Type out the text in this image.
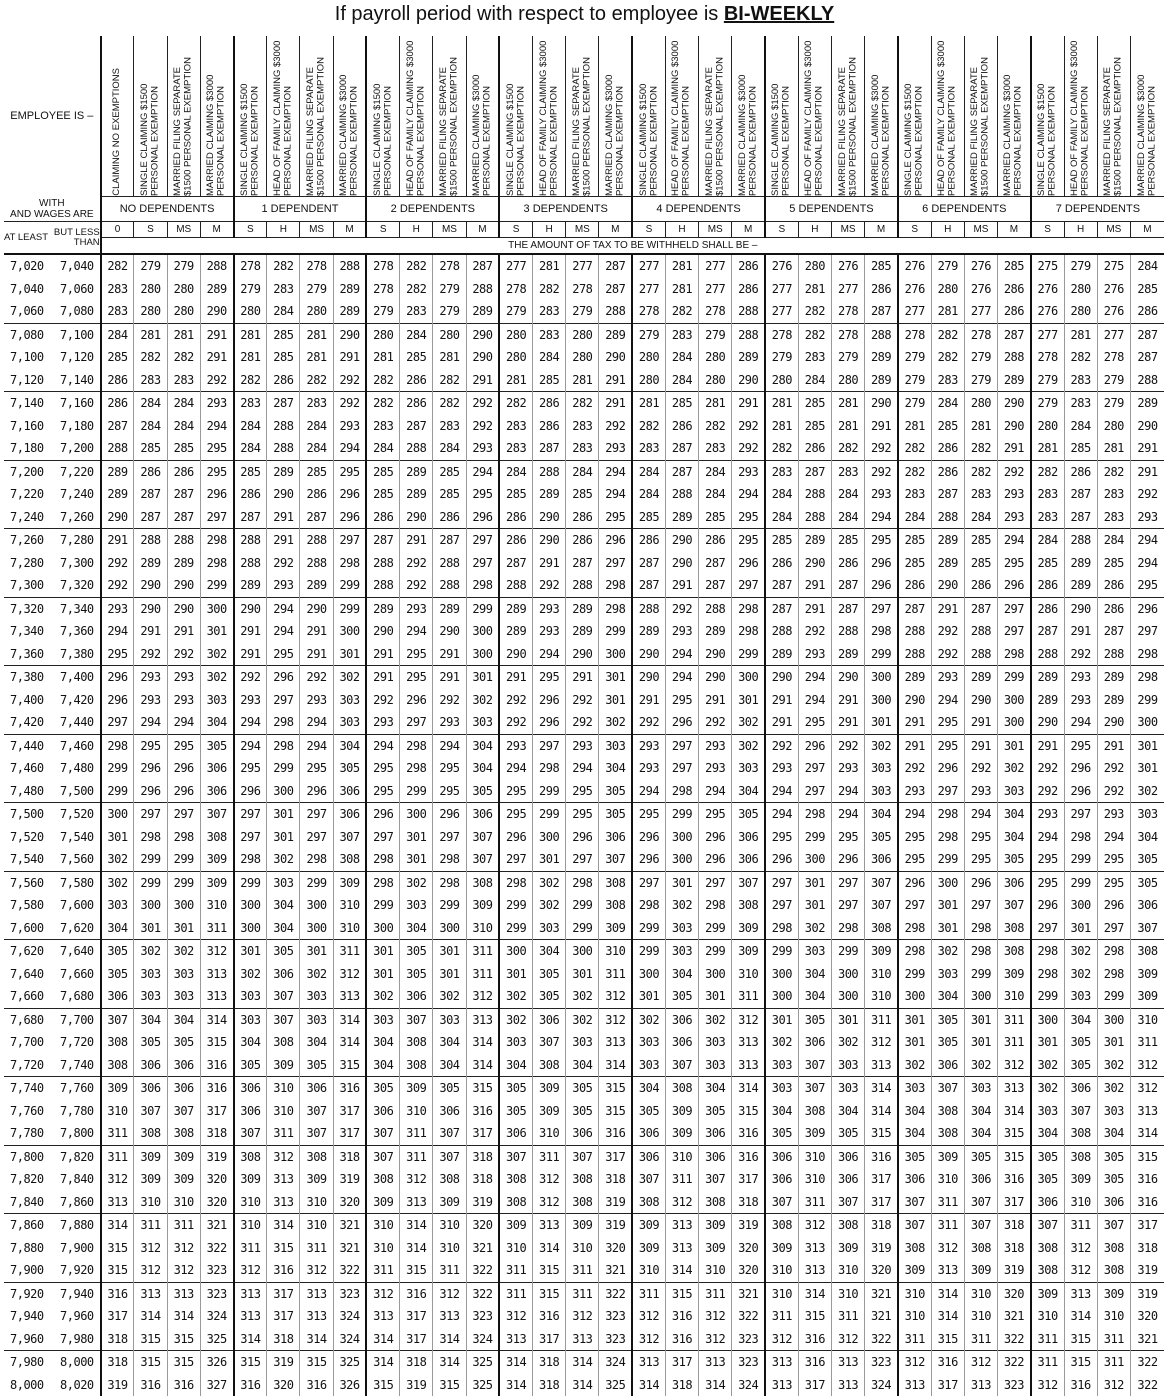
If payroll period with respect to employee is BI-WEEKLY
EMPLOYEE IS –		CLAIMING NO EXEMPTIONS	SINGLE CLAIMING $1500 PERSONAL EXEMPTION	MARRIED FILING SEPARATE $1500 PERSONAL EXEMPTION	MARRIED CLAIMING $3000 PERSONAL EXEMPTION	SINGLE CLAIMING $1500 PERSONAL EXEMPTION	HEAD OF FAMILY CLAIMING $3000 PERSONAL EXEMPTION	MARRIED FILING SEPARATE $1500 PERSONAL EXEMPTION	MARRIED CLAIMING $3000 PERSONAL EXEMPTION	SINGLE CLAIMING $1500 PERSONAL EXEMPTION	HEAD OF FAMILY CLAIMING $3000 PERSONAL EXEMPTION	MARRIED FILING SEPARATE $1500 PERSONAL EXEMPTION	MARRIED CLAIMING $3000 PERSONAL EXEMPTION	SINGLE CLAIMING $1500 PERSONAL EXEMPTION	HEAD OF FAMILY CLAIMING $3000 PERSONAL EXEMPTION	MARRIED FILING SEPARATE $1500 PERSONAL EXEMPTION	MARRIED CLAIMING $3000 PERSONAL EXEMPTION	SINGLE CLAIMING $1500 PERSONAL EXEMPTION	HEAD OF FAMILY CLAIMING $3000 PERSONAL EXEMPTION	MARRIED FILING SEPARATE $1500 PERSONAL EXEMPTION	MARRIED CLAIMING $3000 PERSONAL EXEMPTION	SINGLE CLAIMING $1500 PERSONAL EXEMPTION	HEAD OF FAMILY CLAIMING $3000 PERSONAL EXEMPTION	MARRIED FILING SEPARATE $1500 PERSONAL EXEMPTION	MARRIED CLAIMING $3000 PERSONAL EXEMPTION	SINGLE CLAIMING $1500 PERSONAL EXEMPTION	HEAD OF FAMILY CLAIMING $3000 PERSONAL EXEMPTION	MARRIED FILING SEPARATE $1500 PERSONAL EXEMPTION	MARRIED CLAIMING $3000 PERSONAL EXEMPTION	SINGLE CLAIMING $1500 PERSONAL EXEMPTION	HEAD OF FAMILY CLAIMING $3000 PERSONAL EXEMPTION	MARRIED FILING SEPARATE $1500 PERSONAL EXEMPTION	MARRIED CLAIMING $3000 PERSONAL EXEMPTION

WITH
AND WAGES ARE		NO DEPENDENTS				1 DEPENDENT				2 DEPENDENTS				3 DEPENDENTS				4 DEPENDENTS				5 DEPENDENTS				6 DEPENDENTS				7 DEPENDENTS			
AT LEAST	BUT LESS THAN	0	S	MS	M	S	H	MS	M	S	H	MS	M	S	H	MS	M	S	H	MS	M	S	H	MS	M	S	H	MS	M	S	H	MS	M
		THE AMOUNT OF TAX TO BE WITHHELD SHALL BE –																															
7,020	7,040	282	279	279	288	278	282	278	288	278	282	278	287	277	281	277	287	277	281	277	286	276	280	276	285	276	279	276	285	275	279	275	284
7,040	7,060	283	280	280	289	279	283	279	289	278	282	279	288	278	282	278	287	277	281	277	286	277	281	277	286	276	280	276	286	276	280	276	285
7,060	7,080	283	280	280	290	280	284	280	289	279	283	279	289	279	283	279	288	278	282	278	288	277	282	278	287	277	281	277	286	276	280	276	286
7,080	7,100	284	281	281	291	281	285	281	290	280	284	280	290	280	283	280	289	279	283	279	288	278	282	278	288	278	282	278	287	277	281	277	287
7,100	7,120	285	282	282	291	281	285	281	291	281	285	281	290	280	284	280	290	280	284	280	289	279	283	279	289	279	282	279	288	278	282	278	287
7,120	7,140	286	283	283	292	282	286	282	292	282	286	282	291	281	285	281	291	280	284	280	290	280	284	280	289	279	283	279	289	279	283	279	288
7,140	7,160	286	284	284	293	283	287	283	292	282	286	282	292	282	286	282	291	281	285	281	291	281	285	281	290	279	284	280	290	279	283	279	289
7,160	7,180	287	284	284	294	284	288	284	293	283	287	283	292	283	286	283	292	282	286	282	292	281	285	281	291	281	285	281	290	280	284	280	290
7,180	7,200	288	285	285	295	284	288	284	294	284	288	284	293	283	287	283	293	283	287	283	292	282	286	282	292	282	286	282	291	281	285	281	291
7,200	7,220	289	286	286	295	285	289	285	295	285	289	285	294	284	288	284	294	284	287	284	293	283	287	283	292	282	286	282	292	282	286	282	291
7,220	7,240	289	287	287	296	286	290	286	296	285	289	285	295	285	289	285	294	284	288	284	294	284	288	284	293	283	287	283	293	283	287	283	292
7,240	7,260	290	287	287	297	287	291	287	296	286	290	286	296	286	290	286	295	285	289	285	295	284	288	284	294	284	288	284	293	283	287	283	293
7,260	7,280	291	288	288	298	288	291	288	297	287	291	287	297	286	290	286	296	286	290	286	295	285	289	285	295	285	289	285	294	284	288	284	294
7,280	7,300	292	289	289	298	288	292	288	298	288	292	288	297	287	291	287	297	287	290	287	296	286	290	286	296	285	289	285	295	285	289	285	294
7,300	7,320	292	290	290	299	289	293	289	299	288	292	288	298	288	292	288	298	287	291	287	297	287	291	287	296	286	290	286	296	286	289	286	295
7,320	7,340	293	290	290	300	290	294	290	299	289	293	289	299	289	293	289	298	288	292	288	298	287	291	287	297	287	291	287	297	286	290	286	296
7,340	7,360	294	291	291	301	291	294	291	300	290	294	290	300	289	293	289	299	289	293	289	298	288	292	288	298	288	292	288	297	287	291	287	297
7,360	7,380	295	292	292	302	291	295	291	301	291	295	291	300	290	294	290	300	290	294	290	299	289	293	289	299	288	292	288	298	288	292	288	298
7,380	7,400	296	293	293	302	292	296	292	302	291	295	291	301	291	295	291	301	290	294	290	300	290	294	290	300	289	293	289	299	289	293	289	298
7,400	7,420	296	293	293	303	293	297	293	303	292	296	292	302	292	296	292	301	291	295	291	301	291	294	291	300	290	294	290	300	289	293	289	299
7,420	7,440	297	294	294	304	294	298	294	303	293	297	293	303	292	296	292	302	292	296	292	302	291	295	291	301	291	295	291	300	290	294	290	300
7,440	7,460	298	295	295	305	294	298	294	304	294	298	294	304	293	297	293	303	293	297	293	302	292	296	292	302	291	295	291	301	291	295	291	301
7,460	7,480	299	296	296	306	295	299	295	305	295	298	295	304	294	298	294	304	293	297	293	303	293	297	293	303	292	296	292	302	292	296	292	301
7,480	7,500	299	296	296	306	296	300	296	306	295	299	295	305	295	299	295	305	294	298	294	304	294	297	294	303	293	297	293	303	292	296	292	302
7,500	7,520	300	297	297	307	297	301	297	306	296	300	296	306	295	299	295	305	295	299	295	305	294	298	294	304	294	298	294	304	293	297	293	303
7,520	7,540	301	298	298	308	297	301	297	307	297	301	297	307	296	300	296	306	296	300	296	306	295	299	295	305	295	298	295	304	294	298	294	304
7,540	7,560	302	299	299	309	298	302	298	308	298	301	298	307	297	301	297	307	296	300	296	306	296	300	296	306	295	299	295	305	295	299	295	305
7,560	7,580	302	299	299	309	299	303	299	309	298	302	298	308	298	302	298	308	297	301	297	307	297	301	297	307	296	300	296	306	295	299	295	305
7,580	7,600	303	300	300	310	300	304	300	310	299	303	299	309	299	302	299	308	298	302	298	308	297	301	297	307	297	301	297	307	296	300	296	306
7,600	7,620	304	301	301	311	300	304	300	310	300	304	300	310	299	303	299	309	299	303	299	309	298	302	298	308	298	301	298	308	297	301	297	307
7,620	7,640	305	302	302	312	301	305	301	311	301	305	301	311	300	304	300	310	299	303	299	309	299	303	299	309	298	302	298	308	298	302	298	308
7,640	7,660	305	303	303	313	302	306	302	312	301	305	301	311	301	305	301	311	300	304	300	310	300	304	300	310	299	303	299	309	298	302	298	309
7,660	7,680	306	303	303	313	303	307	303	313	302	306	302	312	302	305	302	312	301	305	301	311	300	304	300	310	300	304	300	310	299	303	299	309
7,680	7,700	307	304	304	314	303	307	303	314	303	307	303	313	302	306	302	312	302	306	302	312	301	305	301	311	301	305	301	311	300	304	300	310
7,700	7,720	308	305	305	315	304	308	304	314	304	308	304	314	303	307	303	313	303	306	303	313	302	306	302	312	301	305	301	311	301	305	301	311
7,720	7,740	308	306	306	316	305	309	305	315	304	308	304	314	304	308	304	314	303	307	303	313	303	307	303	313	302	306	302	312	302	305	302	312
7,740	7,760	309	306	306	316	306	310	306	316	305	309	305	315	305	309	305	315	304	308	304	314	303	307	303	314	303	307	303	313	302	306	302	312
7,760	7,780	310	307	307	317	306	310	307	317	306	310	306	316	305	309	305	315	305	309	305	315	304	308	304	314	304	308	304	314	303	307	303	313
7,780	7,800	311	308	308	318	307	311	307	317	307	311	307	317	306	310	306	316	306	309	306	316	305	309	305	315	304	308	304	315	304	308	304	314
7,800	7,820	311	309	309	319	308	312	308	318	307	311	307	318	307	311	307	317	306	310	306	316	306	310	306	316	305	309	305	315	305	308	305	315
7,820	7,840	312	309	309	320	309	313	309	319	308	312	308	318	308	312	308	318	307	311	307	317	306	310	306	317	306	310	306	316	305	309	305	316
7,840	7,860	313	310	310	320	310	313	310	320	309	313	309	319	308	312	308	319	308	312	308	318	307	311	307	317	307	311	307	317	306	310	306	316
7,860	7,880	314	311	311	321	310	314	310	321	310	314	310	320	309	313	309	319	309	313	309	319	308	312	308	318	307	311	307	318	307	311	307	317
7,880	7,900	315	312	312	322	311	315	311	321	310	314	310	321	310	314	310	320	309	313	309	320	309	313	309	319	308	312	308	318	308	312	308	318
7,900	7,920	315	312	312	323	312	316	312	322	311	315	311	322	311	315	311	321	310	314	310	320	310	313	310	320	309	313	309	319	308	312	308	319
7,920	7,940	316	313	313	323	313	317	313	323	312	316	312	322	311	315	311	322	311	315	311	321	310	314	310	321	310	314	310	320	309	313	309	319
7,940	7,960	317	314	314	324	313	317	313	324	313	317	313	323	312	316	312	323	312	316	312	322	311	315	311	321	310	314	310	321	310	314	310	320
7,960	7,980	318	315	315	325	314	318	314	324	314	317	314	324	313	317	313	323	312	316	312	323	312	316	312	322	311	315	311	322	311	315	311	321
7,980	8,000	318	315	315	326	315	319	315	325	314	318	314	325	314	318	314	324	313	317	313	323	313	316	313	323	312	316	312	322	311	315	311	322
8,000	8,020	319	316	316	327	316	320	316	326	315	319	315	325	314	318	314	325	314	318	314	324	313	317	313	324	313	317	313	323	312	316	312	322
